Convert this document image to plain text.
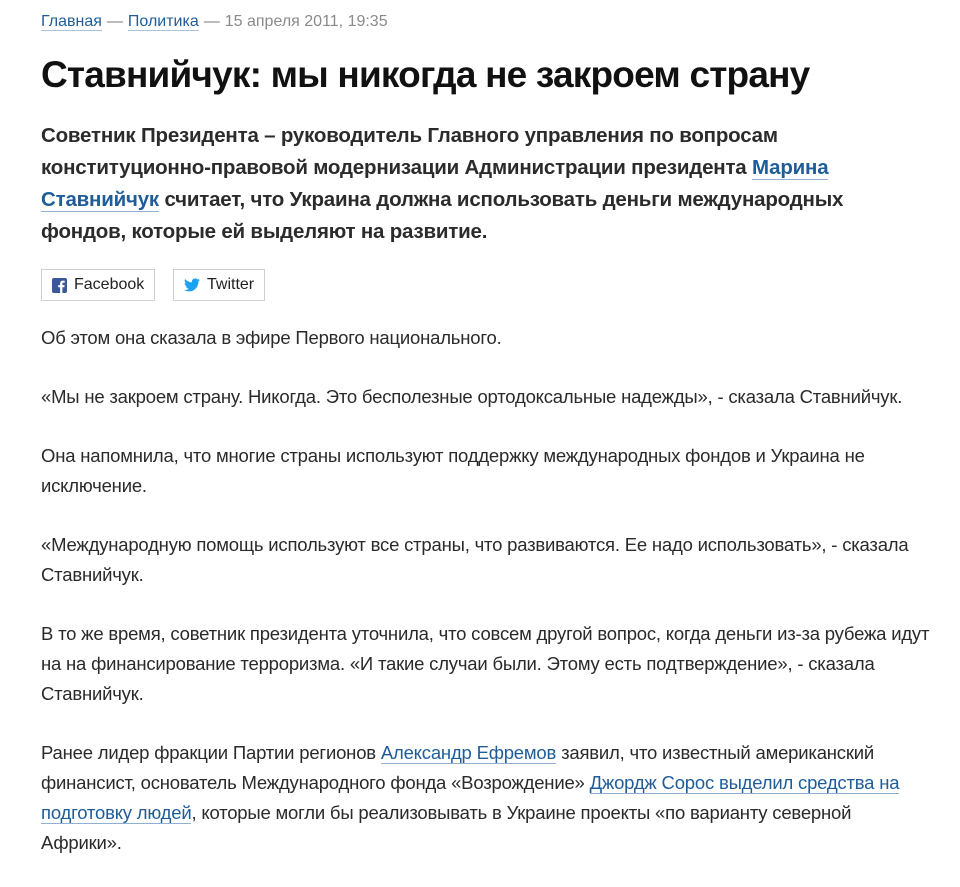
Главная — Политика — 15 апреля 2011, 19:35
Ставнийчук: мы никогда не закроем страну

Советник Президента – руководитель Главного управления по вопросам конституционно-правовой модернизации Администрации президента Марина Ставнийчук считает, что Украина должна использовать деньги международных фондов, которые ей выделяют на развитие.

Facebook	Twitter

Об этом она сказала в эфире Первого национального.

«Мы не закроем страну. Никогда. Это бесполезные ортодоксальные надежды», - сказала Ставнийчук.

Она напомнила, что многие страны используют поддержку международных фондов и Украина не исключение.

«Международную помощь используют все страны, что развиваются. Ее надо использовать», - сказала Ставнийчук.

В то же время, советник президента уточнила, что совсем другой вопрос, когда деньги из-за рубежа идут на на финансирование терроризма. «И такие случаи были. Этому есть подтверждение», - сказала Ставнийчук.

Ранее лидер фракции Партии регионов Александр Ефремов заявил, что известный американский финансист, основатель Международного фонда «Возрождение» Джордж Сорос выделил средства на подготовку людей, которые могли бы реализовывать в Украине проекты «по варианту северной Африки».
